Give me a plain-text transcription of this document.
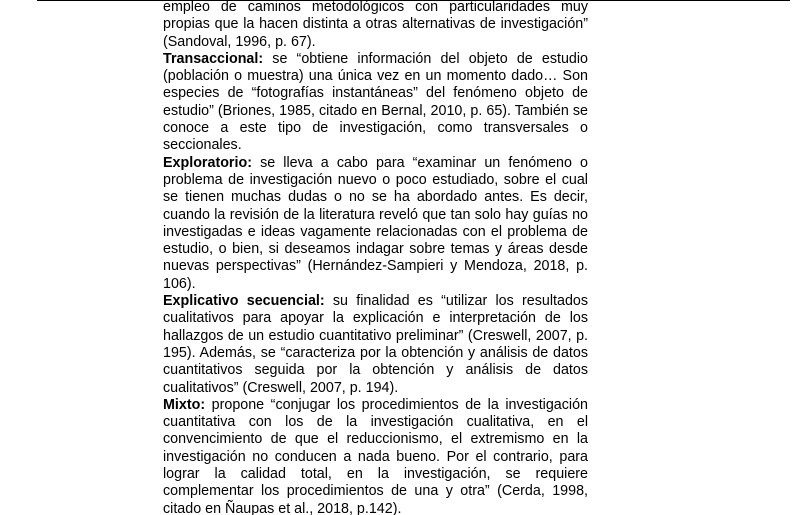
empleo de caminos metodológicos con particularidades muy propias que la hacen distinta a otras alternativas de investigación” (Sandoval, 1996, p. 67).

Transaccional: se “obtiene información del objeto de estudio (población o muestra) una única vez en un momento dado… Son especies de “fotografías instantáneas” del fenómeno objeto de estudio” (Briones, 1985, citado en Bernal, 2010, p. 65). También se conoce a este tipo de investigación, como transversales o seccionales.

Exploratorio: se lleva a cabo para “examinar un fenómeno o problema de investigación nuevo o poco estudiado, sobre el cual se tienen muchas dudas o no se ha abordado antes. Es decir, cuando la revisión de la literatura reveló que tan solo hay guías no investigadas e ideas vagamente relacionadas con el problema de estudio, o bien, si deseamos indagar sobre temas y áreas desde nuevas perspectivas” (Hernández-Sampieri y Mendoza, 2018, p. 106).

Explicativo secuencial: su finalidad es “utilizar los resultados cualitativos para apoyar la explicación e interpretación de los hallazgos de un estudio cuantitativo preliminar” (Creswell, 2007, p. 195). Además, se “caracteriza por la obtención y análisis de datos cuantitativos seguida por la obtención y análisis de datos cualitativos” (Creswell, 2007, p. 194).

Mixto: propone “conjugar los procedimientos de la investigación cuantitativa con los de la investigación cualitativa, en el convencimiento de que el reduccionismo, el extremismo en la investigación no conducen a nada bueno. Por el contrario, para lograr la calidad total, en la investigación, se requiere complementar los procedimientos de una y otra” (Cerda, 1998, citado en Ñaupas et al., 2018, p.142).
